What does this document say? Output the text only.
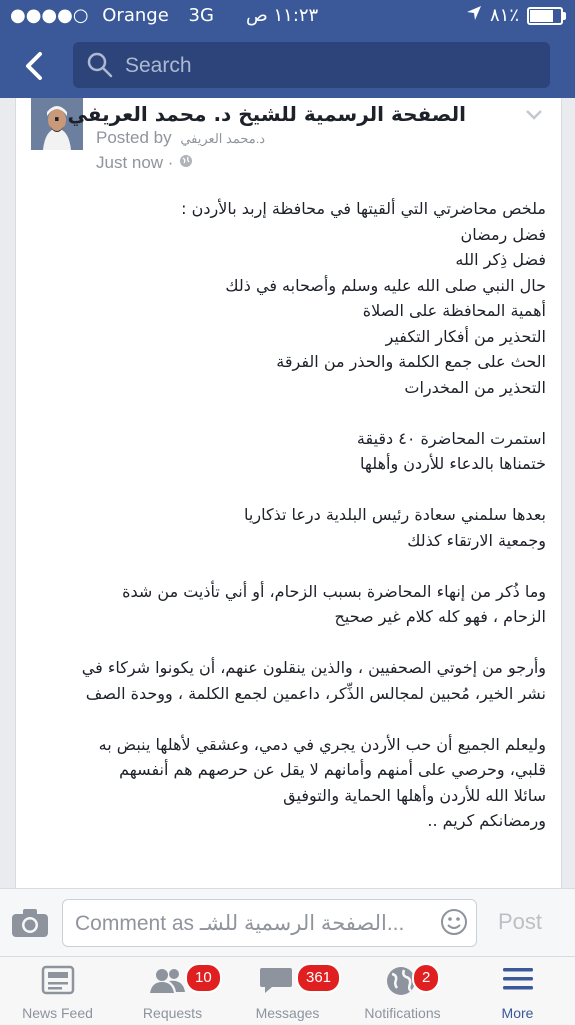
●●●●○ Orange 3G ١١:٢٣ ص	٨١٪
Search
الصفحة الرسمية للشيخ د. محمد العريفي .
Posted by د.محمد العريفي
Just now ·
ملخص محاضرتي التي ألقيتها في محافظة إربد بالأردن :
فضل رمضان
فضل ذِكر الله
حال النبي صلى الله عليه وسلم وأصحابه في ذلك
أهمية المحافظة على الصلاة
التحذير من أفكار التكفير
الحث على جمع الكلمة والحذر من الفرقة
التحذير من المخدرات
استمرت المحاضرة ٤٠ دقيقة
ختمناها بالدعاء للأردن وأهلها
بعدها سلمني سعادة رئيس البلدية درعا تذكاريا
وجمعية الارتقاء كذلك
وما ذُكر من إنهاء المحاضرة بسبب الزحام، أو أني تأذيت من شدة
الزحام ، فهو كله كلام غير صحيح
وأرجو من إخوتي الصحفيين ، والذين ينقلون عنهم، أن يكونوا شركاء في
نشر الخير، مُحبين لمجالس الذِّكر، داعمين لجمع الكلمة ، ووحدة الصف
وليعلم الجميع أن حب الأردن يجري في دمي، وعشقي لأهلها ينبض به
قلبي، وحرصي على أمنهم وأمانهم لا يقل عن حرصهم هم أنفسهم
سائلا الله للأردن وأهلها الحماية والتوفيق
ورمضانكم كريم ..
Comment as الصفحة الرسمية للشـ...	Post
News Feed
10
Requests
361
Messages
2
Notifications	More
